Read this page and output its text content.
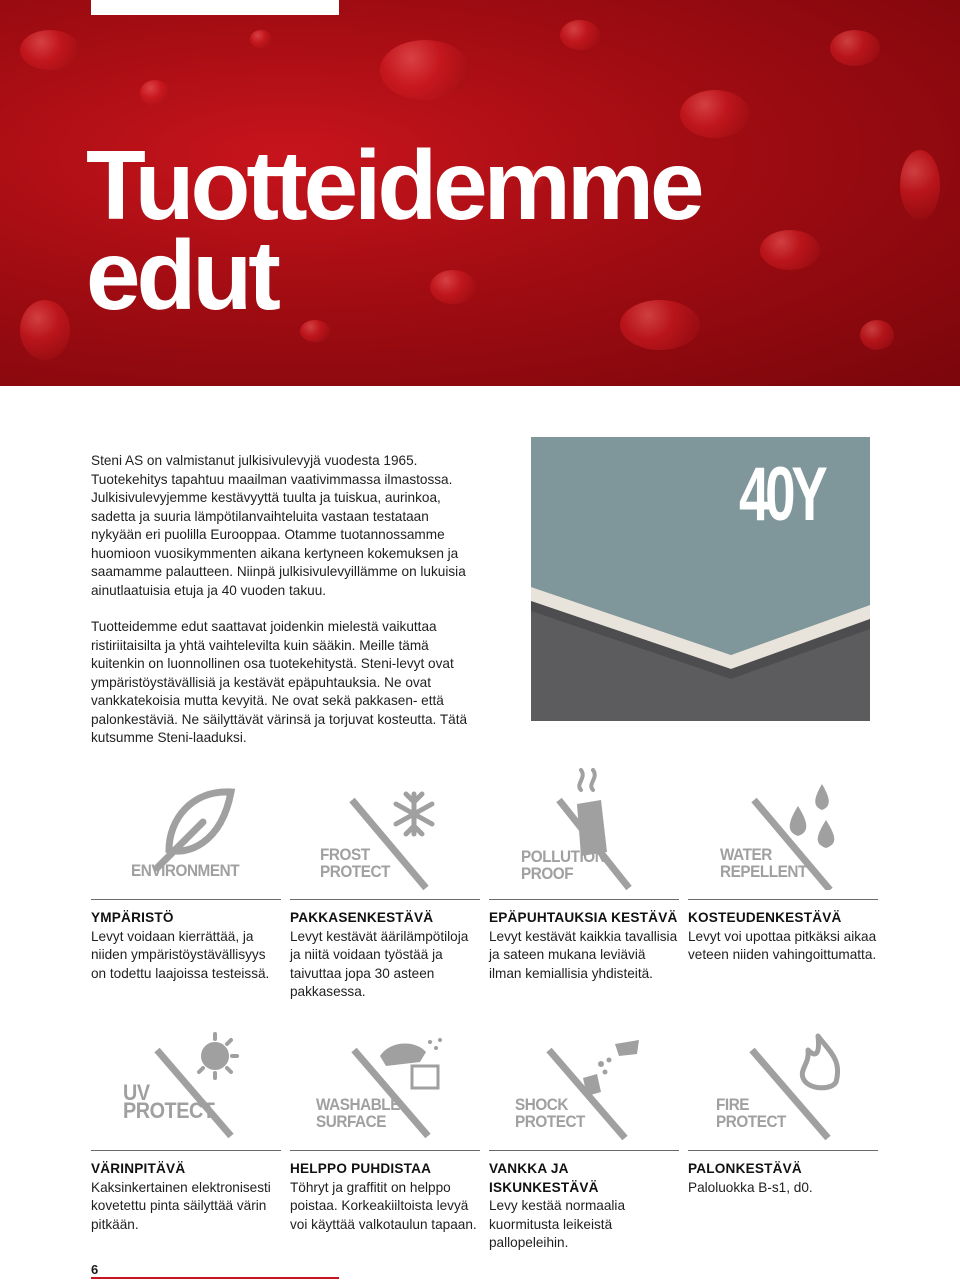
Tuotteidemme
edut

Steni AS on valmistanut julkisivulevyjä vuodesta 1965. Tuotekehitys tapahtuu maailman vaativimmassa ilmastossa. Julkisivulevyjemme kestävyyttä tuulta ja tuiskua, aurinkoa, sadetta ja suuria lämpötilanvaihteluita vastaan testataan nykyään eri puolilla Eurooppaa. Otamme tuotannossamme huomioon vuosikymmenten aikana kertyneen kokemuksen ja saamamme palautteen. Niinpä julkisivulevyillämme on lukuisia ainutlaatuisia etuja ja 40 vuoden takuu.

Tuotteidemme edut saattavat joidenkin mielestä vaikuttaa ristiriitaisilta ja yhtä vaihtelevilta kuin sääkin. Meille tämä kuitenkin on luonnollinen osa tuotekehitystä. Steni-levyt ovat ympäristöystävällisiä ja kestävät epäpuhtauksia. Ne ovat vankkatekoisia mutta kevyitä. Ne ovat sekä pakkasen- että palonkestäviä. Ne säilyttävät värinsä ja torjuvat kosteutta. Tätä kutsumme Steni-laaduksi.

40Y
ENVIRONMENT
FROST
PROTECT
POLLUTION
PROOF
WATER
REPELLENT
YMPÄRISTÖ
Levyt voidaan kierrättää, ja niiden ympäristöystävällisyys on todettu laajoissa testeissä.
PAKKASENKESTÄVÄ
Levyt kestävät äärilämpötiloja ja niitä voidaan työstää ja taivuttaa jopa 30 asteen pakkasessa.
EPÄPUHTAUKSIA KESTÄVÄ
Levyt kestävät kaikkia tavallisia ja sateen mukana leviäviä ilman kemiallisia yhdisteitä.
KOSTEUDENKESTÄVÄ
Levyt voi upottaa pitkäksi aikaa veteen niiden vahingoittumatta.
UV
PROTECT	WASHABLE
SURFACE
SHOCK
PROTECT
FIRE
PROTECT
VÄRINPITÄVÄ
Kaksinkertainen elektronisesti kovetettu pinta säilyttää värin pitkään.
HELPPO PUHDISTAA
Töhryt ja graffitit on helppo poistaa. Korkeakiiltoista levyä voi käyttää valkotaulun tapaan.
VANKKA JA
ISKUNKESTÄVÄ
Levy kestää normaalia kuormitusta leikeistä pallopeleihin.
PALONKESTÄVÄ
Paloluokka B-s1, d0.
6
